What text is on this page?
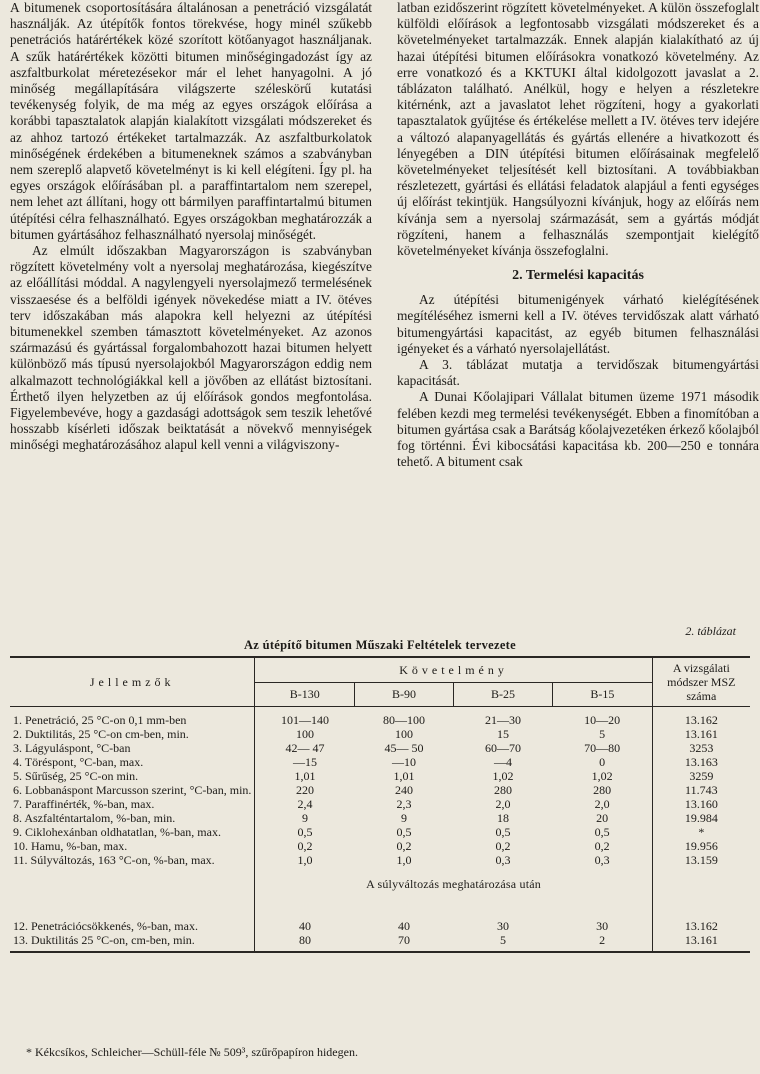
A bitumenek csoportosítására általánosan a penetráció vizsgálatát használják. Az útépítők fontos törekvése, hogy minél szűkebb penetrációs határértékek közé szorított kötőanyagot használjanak. A szűk határértékek közötti bitumen minőségingadozást így az aszfaltburkolat méretezésekor már el lehet hanyagolni. A jó minőség megállapítására világszerte széleskörű kutatási tevékenység folyik, de ma még az egyes országok előírása a korábbi tapasztalatok alapján kialakított vizsgálati módszereket és az ahhoz tartozó értékeket tartalmazzák. Az aszfaltburkolatok minőségének érdekében a bitumeneknek számos a szabványban nem szereplő alapvető követelményt is ki kell elégíteni. Így pl. ha egyes országok előírásában pl. a paraffintartalom nem szerepel, nem lehet azt állítani, hogy ott bármilyen paraffintartalmú bitumen útépítési célra felhasználható. Egyes országokban meghatározzák a bitumen gyártásához felhasználható nyersolaj minőségét.

Az elmúlt időszakban Magyarországon is szabványban rögzített követelmény volt a nyersolaj meghatározása, kiegészítve az előállítási móddal. A nagylengyeli nyersolajmező termelésének visszaesése és a belföldi igények növekedése miatt a IV. ötéves terv időszakában más alapokra kell helyezni az útépítési bitumenekkel szemben támasztott követelményeket. Az azonos származású és gyártással forgalombahozott hazai bitumen helyett különböző más típusú nyersolajokból Magyarországon eddig nem alkalmazott technológiákkal kell a jövőben az ellátást biztosítani. Érthető ilyen helyzetben az új előírások gondos megfontolása. Figyelembevéve, hogy a gazdasági adottságok sem teszik lehetővé hosszabb kísérleti időszak beiktatását a növekvő mennyiségek minőségi meghatározásához alapul kell venni a világviszony-

latban ezidőszerint rögzített követelményeket. A külön összefoglalt külföldi előírások a legfontosabb vizsgálati módszereket és a követelményeket tartalmazzák. Ennek alapján kialakítható az új hazai útépítési bitumen előírásokra vonatkozó követelmény. Az erre vonatkozó és a KKTUKI által kidolgozott javaslat a 2. táblázaton található. Anélkül, hogy e helyen a részletekre kitérnénk, azt a javaslatot lehet rögzíteni, hogy a gyakorlati tapasztalatok gyűjtése és értékelése mellett a IV. ötéves terv idejére a változó alapanyagellátás és gyártás ellenére a hivatkozott és lényegében a DIN útépítési bitumen előírásainak megfelelő követelményeket teljesítését kell biztosítani. A továbbiakban részletezett, gyártási és ellátási feladatok alapjául a fenti egységes új előírást tekintjük. Hangsúlyozni kívánjuk, hogy az előírás nem kívánja sem a nyersolaj származását, sem a gyártás módját rögzíteni, hanem a felhasználás szempontjait kielégítő követelményeket kívánja összefoglalni.

2. Termelési kapacitás

Az útépítési bitumenigények várható kielégítésének megítéléséhez ismerni kell a IV. ötéves tervidőszak alatt várható bitumengyártási kapacitást, az egyéb bitumen felhasználási igényeket és a várható nyersolajellátást.

A 3. táblázat mutatja a tervidőszak bitumengyártási kapacitását.

A Dunai Kőolajipari Vállalat bitumen üzeme 1971 második felében kezdi meg termelési tevékenységét. Ebben a finomítóban a bitumen gyártása csak a Barátság kőolajvezetéken érkező kőolajból fog történni. Évi kibocsátási kapacitása kb. 200—250 e tonnára tehető. A bitument csak

2. táblázat
Az útépítő bitumen Műszaki Feltételek tervezete
Jellemzők	Követelmény				A vizsgálati módszer MSZ száma
	B-130	B-90	B-25	B-15	
1. Penetráció, 25 °C-on 0,1 mm-ben	101—140	80—100	21—30	10—20	13.162
2. Duktilitás, 25 °C-on cm-ben, min.	100	100	15	5	13.161
3. Lágyuláspont, °C-ban	42— 47	45— 50	60—70	70—80	3253
4. Töréspont, °C-ban, max.	—15	—10	—4	0	13.163
5. Sűrűség, 25 °C-on min.	1,01	1,01	1,02	1,02	3259
6. Lobbanáspont Marcusson szerint, °C-ban, min.	220	240	280	280	11.743
7. Paraffinérték, %-ban, max.	2,4	2,3	2,0	2,0	13.160
8. Aszfalténtartalom, %-ban, min.	9	9	18	20	19.984
9. Ciklohexánban oldhatatlan, %-ban, max.	0,5	0,5	0,5	0,5	*
10. Hamu, %-ban, max.	0,2	0,2	0,2	0,2	19.956
11. Súlyváltozás, 163 °C-on, %-ban, max.	1,0	1,0	0,3	0,3	13.159
	A súlyváltozás meghatározása után				
12. Penetrációcsökkenés, %-ban, max.	40	40	30	30	13.162
13. Duktilitás 25 °C-on, cm-ben, min.	80	70	5	2	13.161
* Kékcsíkos, Schleicher—Schüll-féle № 509³, szűrőpapíron hidegen.
